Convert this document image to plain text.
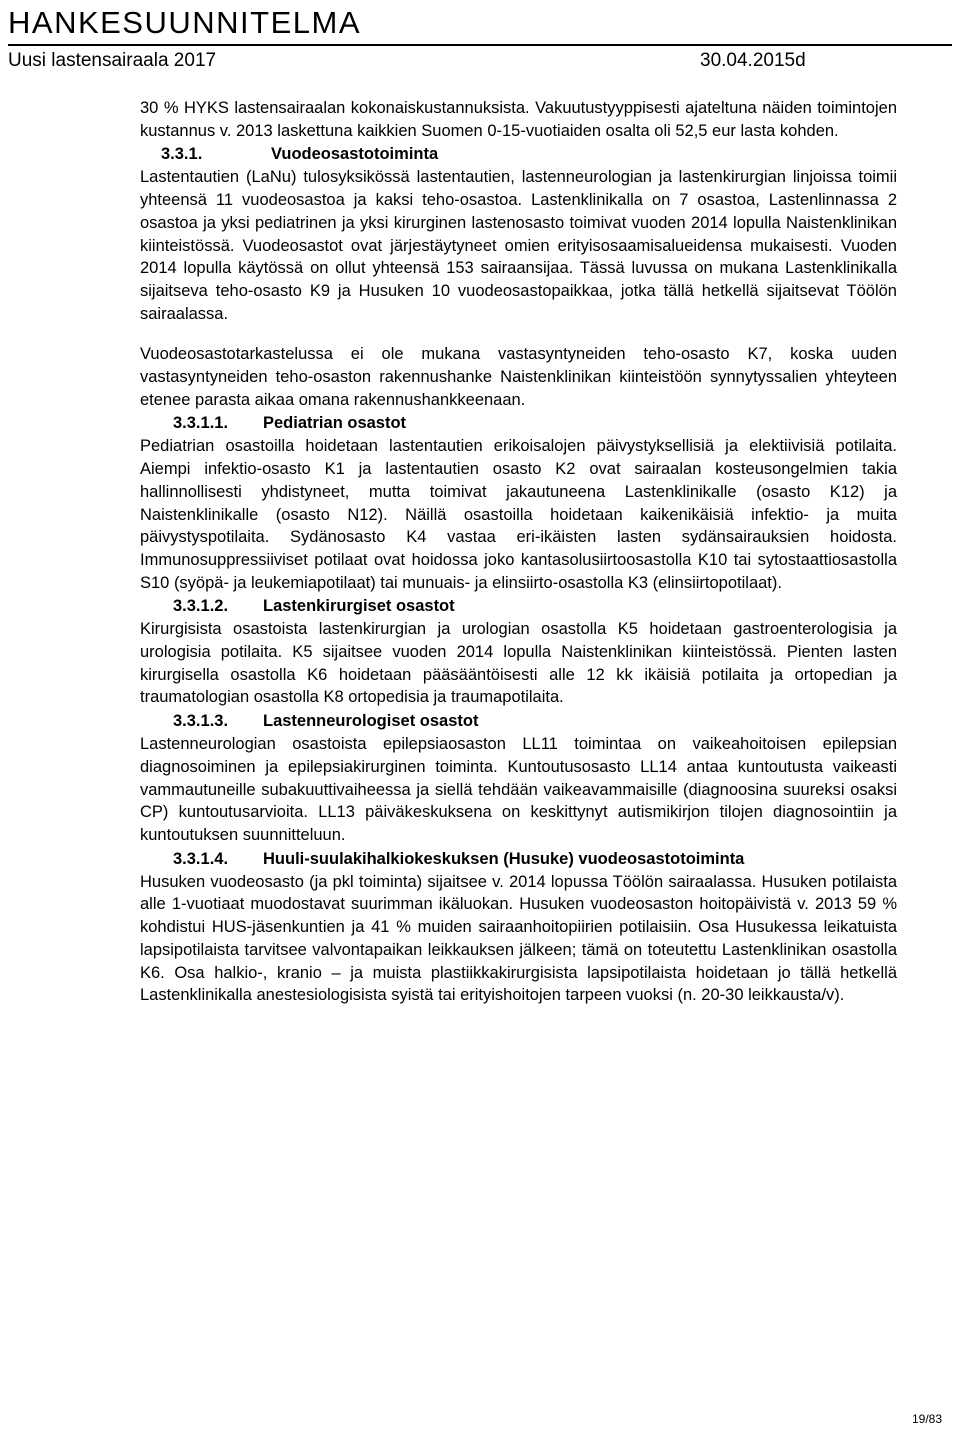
HANKESUUNNITELMA
Uusi lastensairaala 2017	30.04.2015d

30 % HYKS lastensairaalan kokonaiskustannuksista. Vakuutustyyppisesti ajateltuna näiden toimintojen kustannus v. 2013 laskettuna kaikkien Suomen 0-15-vuotiaiden osalta oli 52,5 eur lasta kohden.

3.3.1.	Vuodeosastotoiminta

Lastentautien (LaNu) tulosyksikössä lastentautien, lastenneurologian ja lastenkirurgian linjoissa toimii yhteensä 11 vuodeosastoa ja kaksi teho-osastoa. Lastenklinikalla on 7 osastoa, Lastenlinnassa 2 osastoa ja yksi pediatrinen ja yksi kirurginen lastenosasto toimivat vuoden 2014 lopulla Naistenklinikan kiinteistössä. Vuodeosastot ovat järjestäytyneet omien erityisosaamisalueidensa mukaisesti. Vuoden 2014 lopulla käytössä on ollut yhteensä 153 sairaansijaa. Tässä luvussa on mukana Lastenklinikalla sijaitseva teho-osasto K9 ja Husuken 10 vuodeosastopaikkaa, jotka tällä hetkellä sijaitsevat Töölön sairaalassa.

Vuodeosastotarkastelussa ei ole mukana vastasyntyneiden teho-osasto K7, koska uuden vastasyntyneiden teho-osaston rakennushanke Naistenklinikan kiinteistöön synnytyssalien yhteyteen etenee parasta aikaa omana rakennushankkeenaan.

3.3.1.1.	Pediatrian osastot

Pediatrian osastoilla hoidetaan lastentautien erikoisalojen päivystyksellisiä ja elektiivisiä potilaita. Aiempi infektio-osasto K1 ja lastentautien osasto K2 ovat sairaalan kosteusongelmien takia hallinnollisesti yhdistyneet, mutta toimivat jakautuneena Lastenklinikalle (osasto K12) ja Naistenklinikalle (osasto N12). Näillä osastoilla hoidetaan kaikenikäisiä infektio- ja muita päivystyspotilaita. Sydänosasto K4 vastaa eri-ikäisten lasten sydänsairauksien hoidosta. Immunosuppressiiviset potilaat ovat hoidossa joko kantasolusiirtoosastolla K10 tai sytostaattiosastolla S10 (syöpä- ja leukemiapotilaat) tai munuais- ja elinsiirto-osastolla K3 (elinsiirtopotilaat).

3.3.1.2.	Lastenkirurgiset osastot

Kirurgisista osastoista lastenkirurgian ja urologian osastolla K5 hoidetaan gastroenterologisia ja urologisia potilaita. K5 sijaitsee vuoden 2014 lopulla Naistenklinikan kiinteistössä. Pienten lasten kirurgisella osastolla K6 hoidetaan pääsääntöisesti alle 12 kk ikäisiä potilaita ja ortopedian ja traumatologian osastolla K8 ortopedisia ja traumapotilaita.

3.3.1.3.	Lastenneurologiset osastot

Lastenneurologian osastoista epilepsiaosaston LL11 toimintaa on vaikeahoitoisen epilepsian diagnosoiminen ja epilepsiakirurginen toiminta. Kuntoutusosasto LL14 antaa kuntoutusta vaikeasti vammautuneille subakuuttivaiheessa ja siellä tehdään vaikeavammaisille (diagnoosina suureksi osaksi CP) kuntoutusarvioita. LL13 päiväkeskuksena on keskittynyt autismikirjon tilojen diagnosointiin ja kuntoutuksen suunnitteluun.

3.3.1.4.	Huuli-suulakihalkiokeskuksen (Husuke) vuodeosastotoiminta

Husuken vuodeosasto (ja pkl toiminta) sijaitsee v. 2014 lopussa Töölön sairaalassa. Husuken potilaista alle 1-vuotiaat muodostavat suurimman ikäluokan. Husuken vuodeosaston hoitopäivistä v. 2013 59 % kohdistui HUS-jäsenkuntien ja 41 % muiden sairaanhoitopiirien potilaisiin. Osa Husukessa leikatuista lapsipotilaista tarvitsee valvontapaikan leikkauksen jälkeen; tämä on toteutettu Lastenklinikan osastolla K6. Osa halkio-, kranio – ja muista plastiikkakirurgisista lapsipotilaista hoidetaan jo tällä hetkellä Lastenklinikalla anestesiologisista syistä tai erityishoitojen tarpeen vuoksi (n. 20-30 leikkausta/v).

19/83
